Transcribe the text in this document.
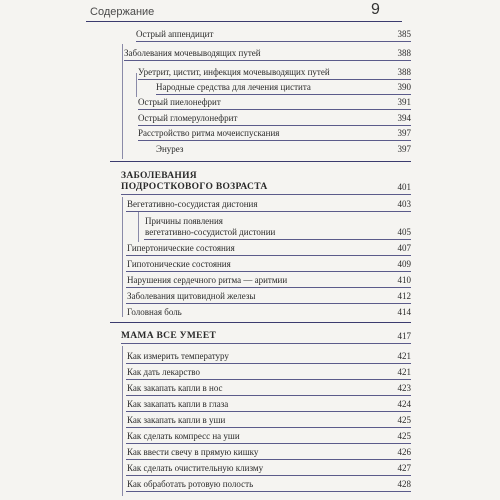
Содержание	9
Острый аппендицит	385
Заболевания мочевыводящих путей	388
Уретрит, цистит, инфекция мочевыводящих путей	388
Народные средства для лечения цистита	390
Острый пиелонефрит	391
Острый гломерулонефрит	394
Расстройство ритма мочеиспускания	397
Энурез	397
ЗАБОЛЕВАНИЯ
ПОДРОСТКОВОГО ВОЗРАСТА	401
Вегетативно-сосудистая дистония	403
Причины появления
вегетативно-сосудистой дистонии	405
Гипертонические состояния	407
Гипотонические состояния	409
Нарушения сердечного ритма — аритмии	410
Заболевания щитовидной железы	412
Головная боль	414
МАМА ВСЕ УМЕЕТ	417
Как измерить температуру	421
Как дать лекарство	421
Как закапать капли в нос	423
Как закапать капли в глаза	424
Как закапать капли в уши	425
Как сделать компресс на уши	425
Как ввести свечу в прямую кишку	426
Как сделать очистительную клизму	427
Как обработать ротовую полость	428
